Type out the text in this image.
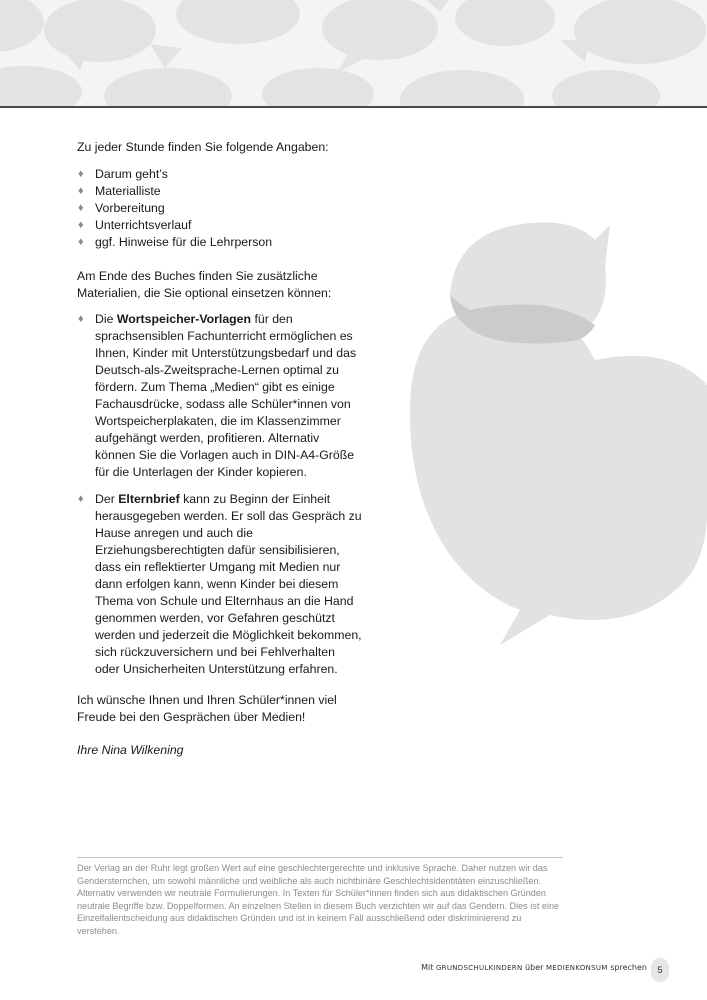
Zu jeder Stunde finden Sie folgende Angaben:

♦ Darum geht’s
♦ Materialliste
♦ Vorbereitung
♦ Unterrichtsverlauf
♦ ggf. Hinweise für die Lehrperson

Am Ende des Buches finden Sie zusätzliche Materialien, die Sie optional einsetzen können:

♦ Die Wortspeicher-Vorlagen für den sprachsensiblen Fachunterricht ermöglichen es Ihnen, Kinder mit Unterstützungsbedarf und das Deutsch-als-Zweitsprache-Lernen optimal zu fördern. Zum Thema „Medien“ gibt es einige Fachausdrücke, sodass alle Schüler*innen von Wortspeicherplakaten, die im Klassenzimmer aufgehängt werden, profitieren. Alternativ können Sie die Vorlagen auch in DIN-A4-Größe für die Unterlagen der Kinder kopieren.
♦ Der Elternbrief kann zu Beginn der Einheit herausgegeben werden. Er soll das Gespräch zu Hause anregen und auch die Erziehungsberechtigten dafür sensibilisieren, dass ein reflektierter Umgang mit Medien nur dann erfolgen kann, wenn Kinder bei diesem Thema von Schule und Elternhaus an die Hand genommen werden, vor Gefahren geschützt werden und jederzeit die Möglichkeit bekommen, sich rückzuversichern und bei Fehlverhalten oder Unsicherheiten Unterstützung erfahren.

Ich wünsche Ihnen und Ihren Schüler*innen viel Freude bei den Gesprächen über Medien!

Ihre Nina Wilkening

Der Verlag an der Ruhr legt großen Wert auf eine geschlechtergerechte und inklusive Sprache. Daher nutzen wir das Gendersternchen, um sowohl männliche und weibliche als auch nichtbinäre Geschlechtsidentitäten einzuschließen. Alternativ verwenden wir neutrale Formulierungen. In Texten für Schüler*innen finden sich aus didaktischen Gründen neutrale Begriffe bzw. Doppelformen. An einzelnen Stellen in diesem Buch verzichten wir auf das Gendern. Dies ist eine Einzelfallentscheidung aus didaktischen Gründen und ist in keinem Fall ausschließend oder diskriminierend zu verstehen.
Mit GRUNDSCHULKINDERN über MEDIENKONSUM sprechen	5
